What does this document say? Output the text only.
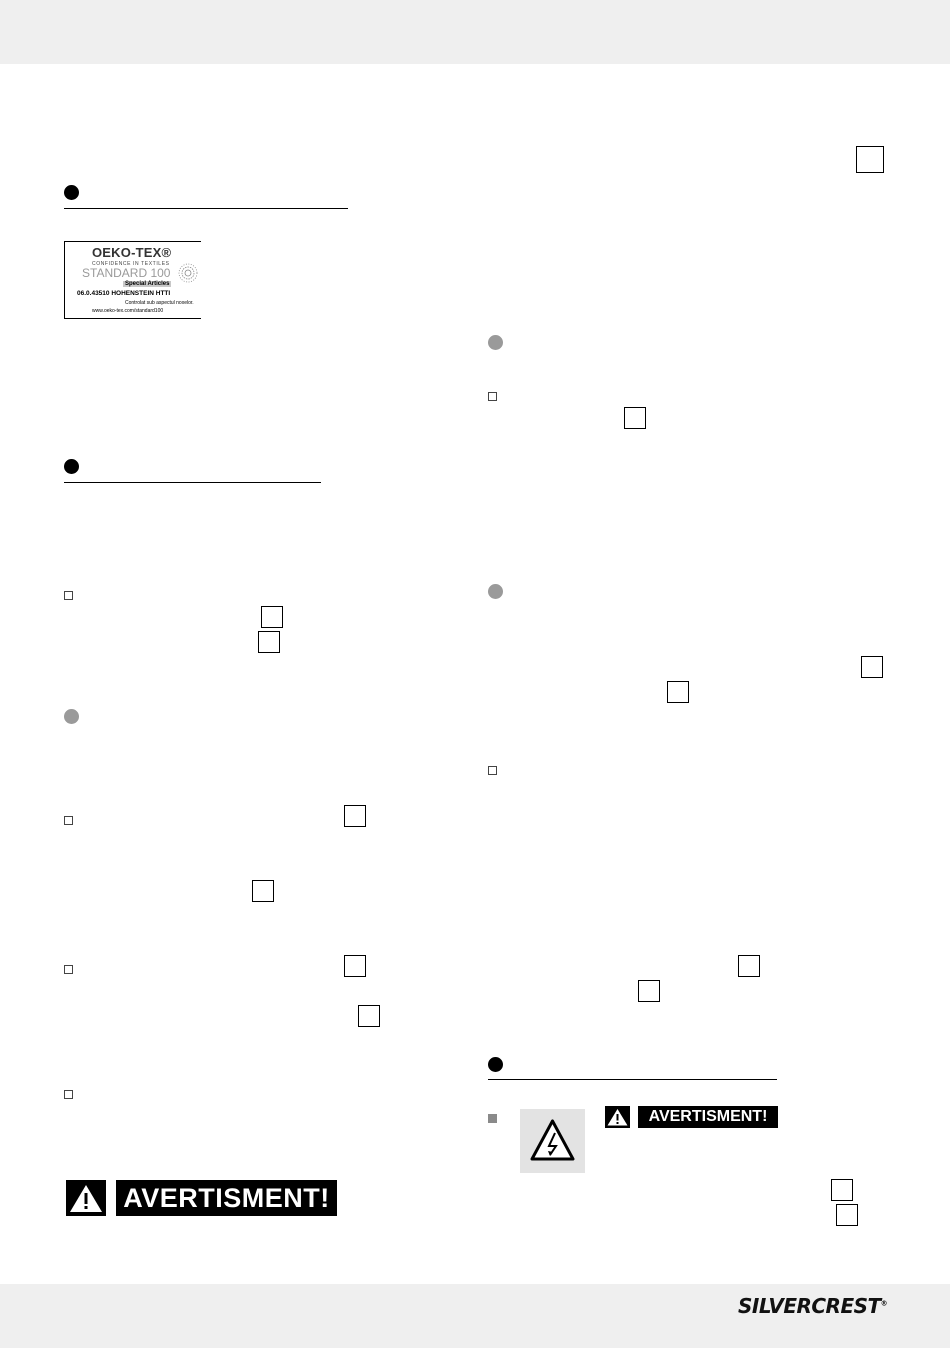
OEKO-TEX®
CONFIDENCE IN TEXTILES
STANDARD 100
Special Articles
06.0.43510 HOHENSTEIN HTTI
Controlat sub aspectul noxelor.
www.oeko-tex.com/standard100
AVERTISMENT!
AVERTISMENT!
SILVERCREST®
